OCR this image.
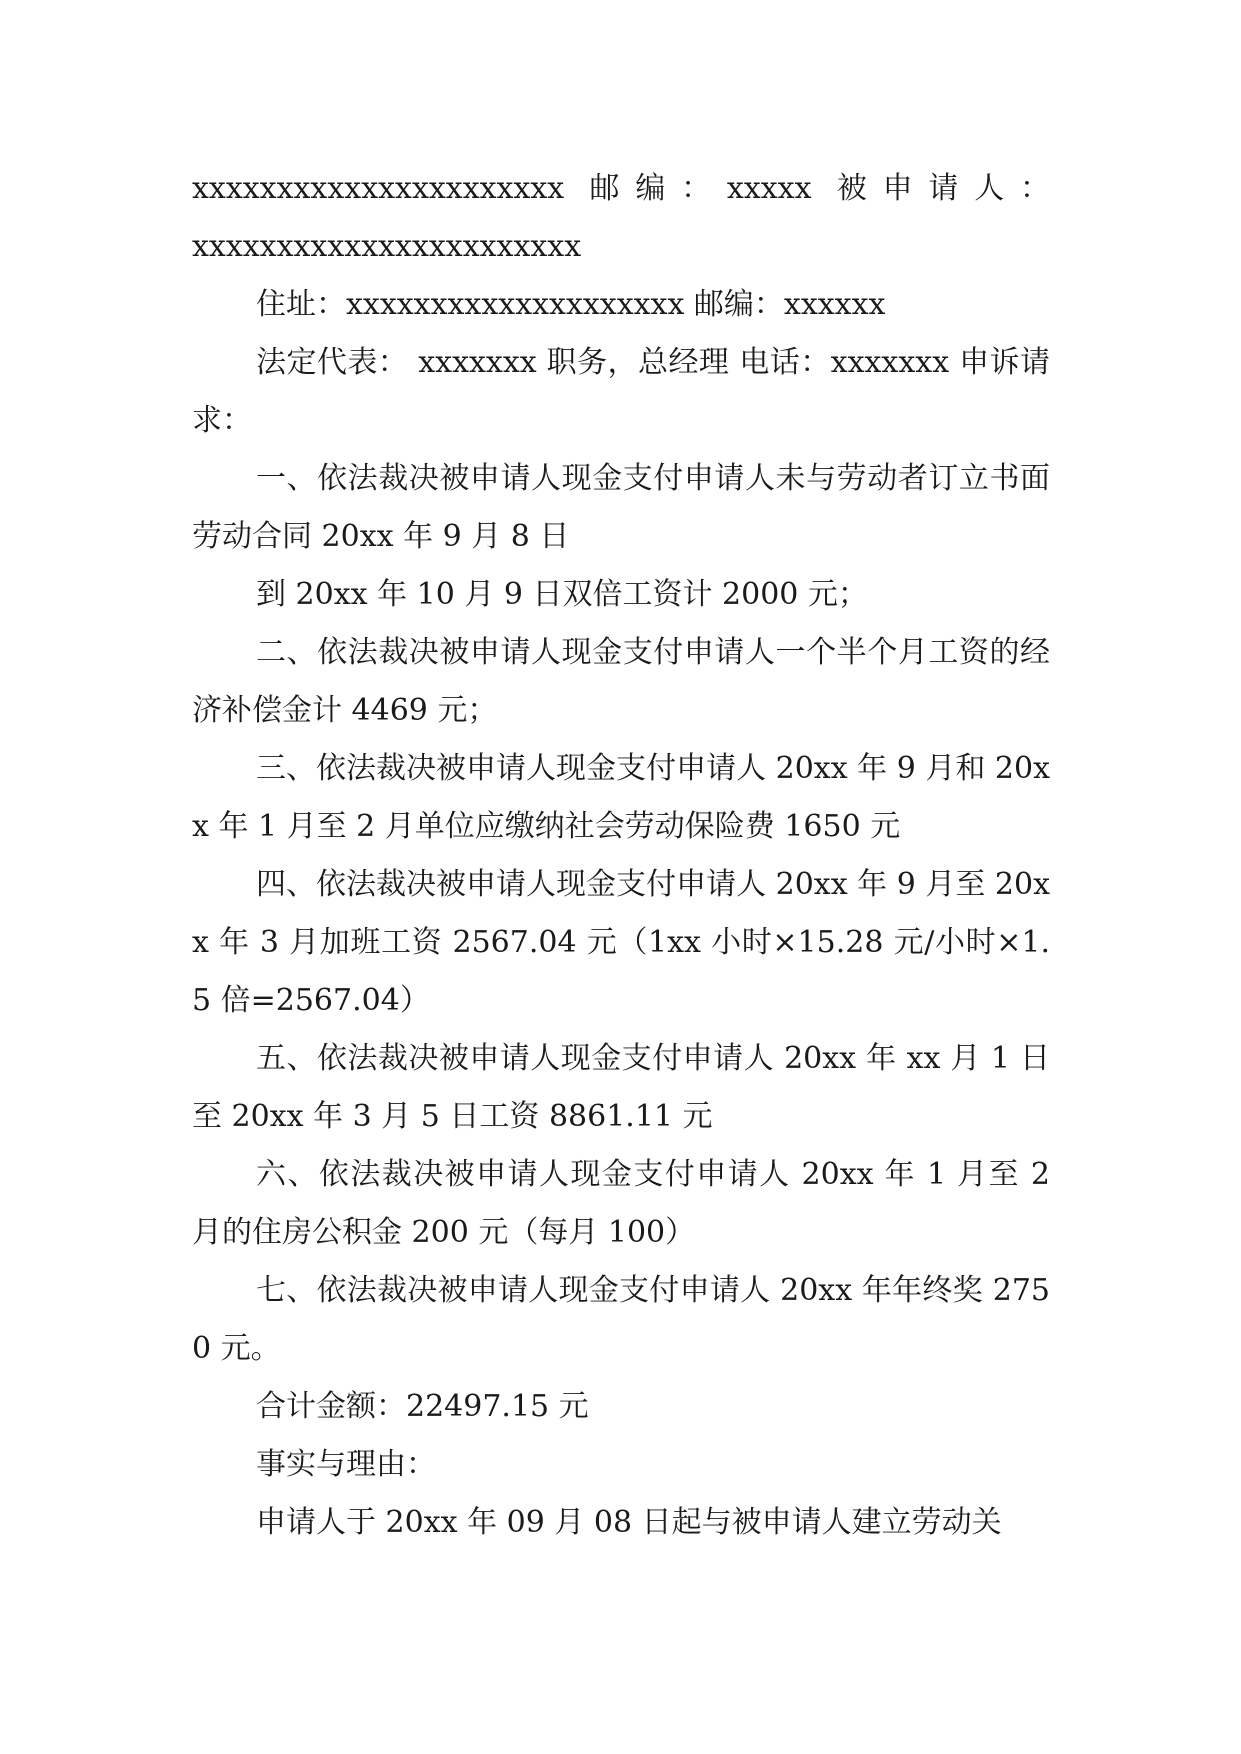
xxxxxxxxxxxxxxxxxxxxxx 邮编：xxxxx 被申请人：

xxxxxxxxxxxxxxxxxxxxxxx

住址：xxxxxxxxxxxxxxxxxxxx 邮编：xxxxxx

法定代表： xxxxxxx 职务，总经理 电话：xxxxxxx 申诉请求：

一、依法裁决被申请人现金支付申请人未与劳动者订立书面劳动合同 20xx 年 9 月 8 日

到 20xx 年 10 月 9 日双倍工资计 2000 元；

二、依法裁决被申请人现金支付申请人一个半个月工资的经济补偿金计 4469 元；

三、依法裁决被申请人现金支付申请人 20xx 年 9 月和 20xx 年 1 月至 2 月单位应缴纳社会劳动保险费 1650 元

四、依法裁决被申请人现金支付申请人 20xx 年 9 月至 20xx 年 3 月加班工资 2567.04 元（1xx 小时×15.28 元/小时×1.5 倍=2567.04）

五、依法裁决被申请人现金支付申请人 20xx 年 xx 月 1 日至 20xx 年 3 月 5 日工资 8861.11 元

六、依法裁决被申请人现金支付申请人 20xx 年 1 月至 2 月的住房公积金 200 元（每月 100）

七、依法裁决被申请人现金支付申请人 20xx 年年终奖 2750 元。

合计金额：22497.15 元

事实与理由：

申请人于 20xx 年 09 月 08 日起与被申请人建立劳动关
